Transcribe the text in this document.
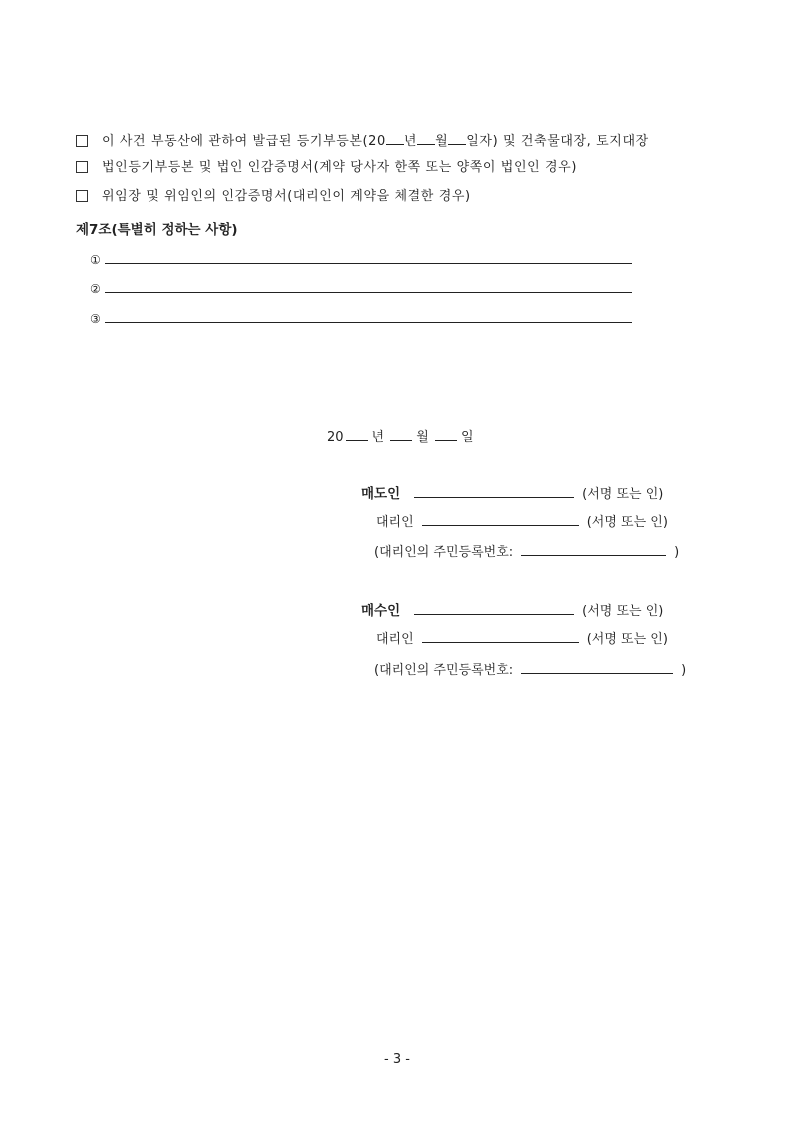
이 사건 부동산에 관하여 발급된 등기부등본(20 년 월 일자) 및 건축물대장, 토지대장
법인등기부등본 및 법인 인감증명서(계약 당사자 한쪽 또는 양쪽이 법인인 경우)
위임장 및 위임인의 인감증명서(대리인이 계약을 체결한 경우)
제7조(특별히 정하는 사항)
①
②
③
20 년 월 일
매도인	(서명 또는 인)
대리인	(서명 또는 인)
(대리인의 주민등록번호:	)
매수인	(서명 또는 인)
대리인	(서명 또는 인)
(대리인의 주민등록번호:	)
- 3 -
